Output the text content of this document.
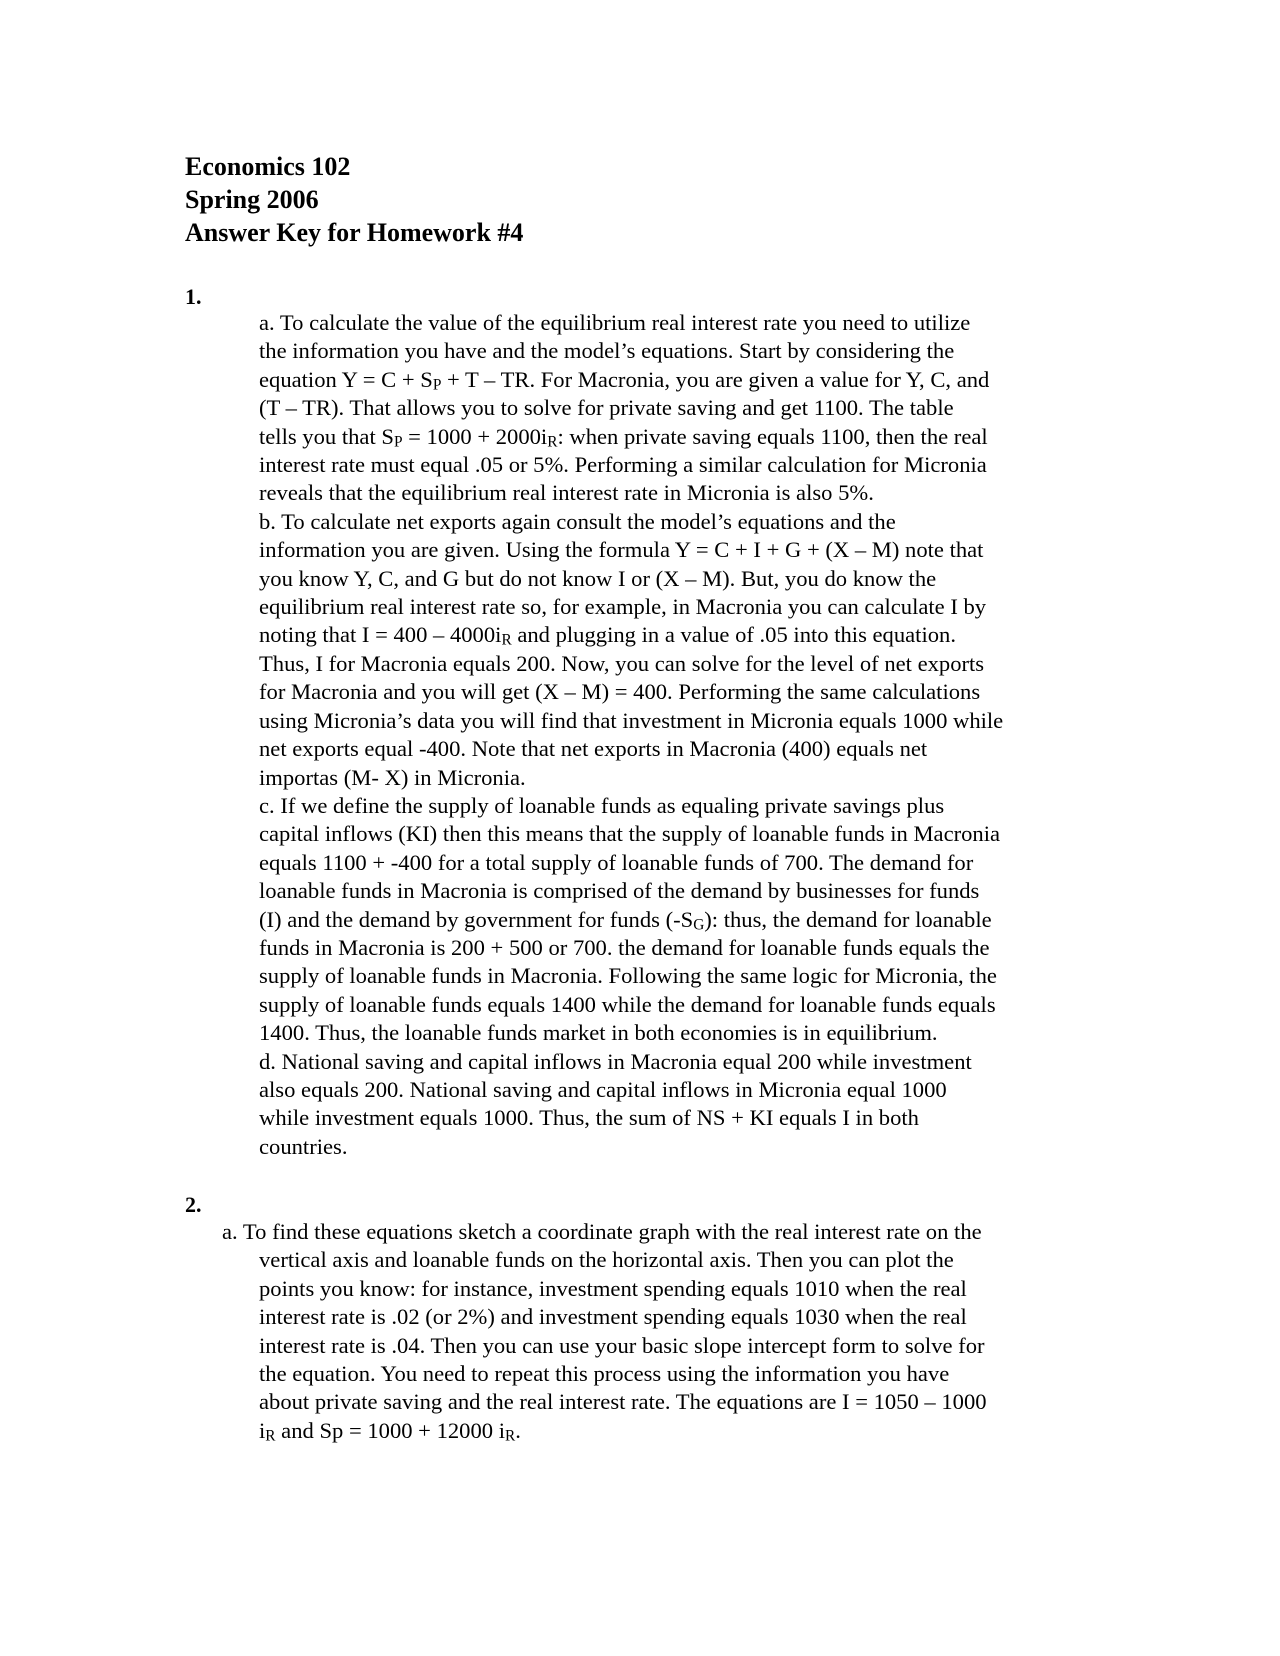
Economics 102
Spring 2006
Answer Key for Homework #4
1.
a. To calculate the value of the equilibrium real interest rate you need to utilize
the information you have and the model’s equations. Start by considering the
equation $Y = C + S_P + T$ – TR. For Macronia, you are given a value for Y, C, and
(T – TR). That allows you to solve for private saving and get 1100. The table
tells you that $S_P = 1000 + 2000i_R$: when private saving equals 1100, then the real
interest rate must equal .05 or 5%. Performing a similar calculation for Micronia
reveals that the equilibrium real interest rate in Micronia is also 5%.
b. To calculate net exports again consult the model’s equations and the
information you are given. Using the formula Y = C + I + G + (X – M) note that
you know Y, C, and G but do not know I or (X – M). But, you do know the
equilibrium real interest rate so, for example, in Macronia you can calculate I by
noting that $I = 400 - 4000i_R$ and plugging in a value of .05 into this equation.
Thus, I for Macronia equals 200. Now, you can solve for the level of net exports
for Macronia and you will get (X – M) = 400. Performing the same calculations
using Micronia’s data you will find that investment in Micronia equals 1000 while
net exports equal -400. Note that net exports in Macronia (400) equals net
importas (M- X) in Micronia.
c. If we define the supply of loanable funds as equaling private savings plus
capital inflows (KI) then this means that the supply of loanable funds in Macronia
equals 1100 + -400 for a total supply of loanable funds of 700. The demand for
loanable funds in Macronia is comprised of the demand by businesses for funds
(I) and the demand by government for funds $(-S_G)$: thus, the demand for loanable
funds in Macronia is 200 + 500 or 700. the demand for loanable funds equals the
supply of loanable funds in Macronia. Following the same logic for Micronia, the
supply of loanable funds equals 1400 while the demand for loanable funds equals
1400. Thus, the loanable funds market in both economies is in equilibrium.
d. National saving and capital inflows in Macronia equal 200 while investment
also equals 200. National saving and capital inflows in Micronia equal 1000
while investment equals 1000. Thus, the sum of NS + KI equals I in both
countries.
2.
a. To find these equations sketch a coordinate graph with the real interest rate on the
vertical axis and loanable funds on the horizontal axis. Then you can plot the
points you know: for instance, investment spending equals 1010 when the real
interest rate is .02 (or 2%) and investment spending equals 1030 when the real
interest rate is .04. Then you can use your basic slope intercept form to solve for
the equation. You need to repeat this process using the information you have
about private saving and the real interest rate. The equations are I = 1050 – 1000
$i_R$ and Sp = 1000 + 12000 $i_R$.
